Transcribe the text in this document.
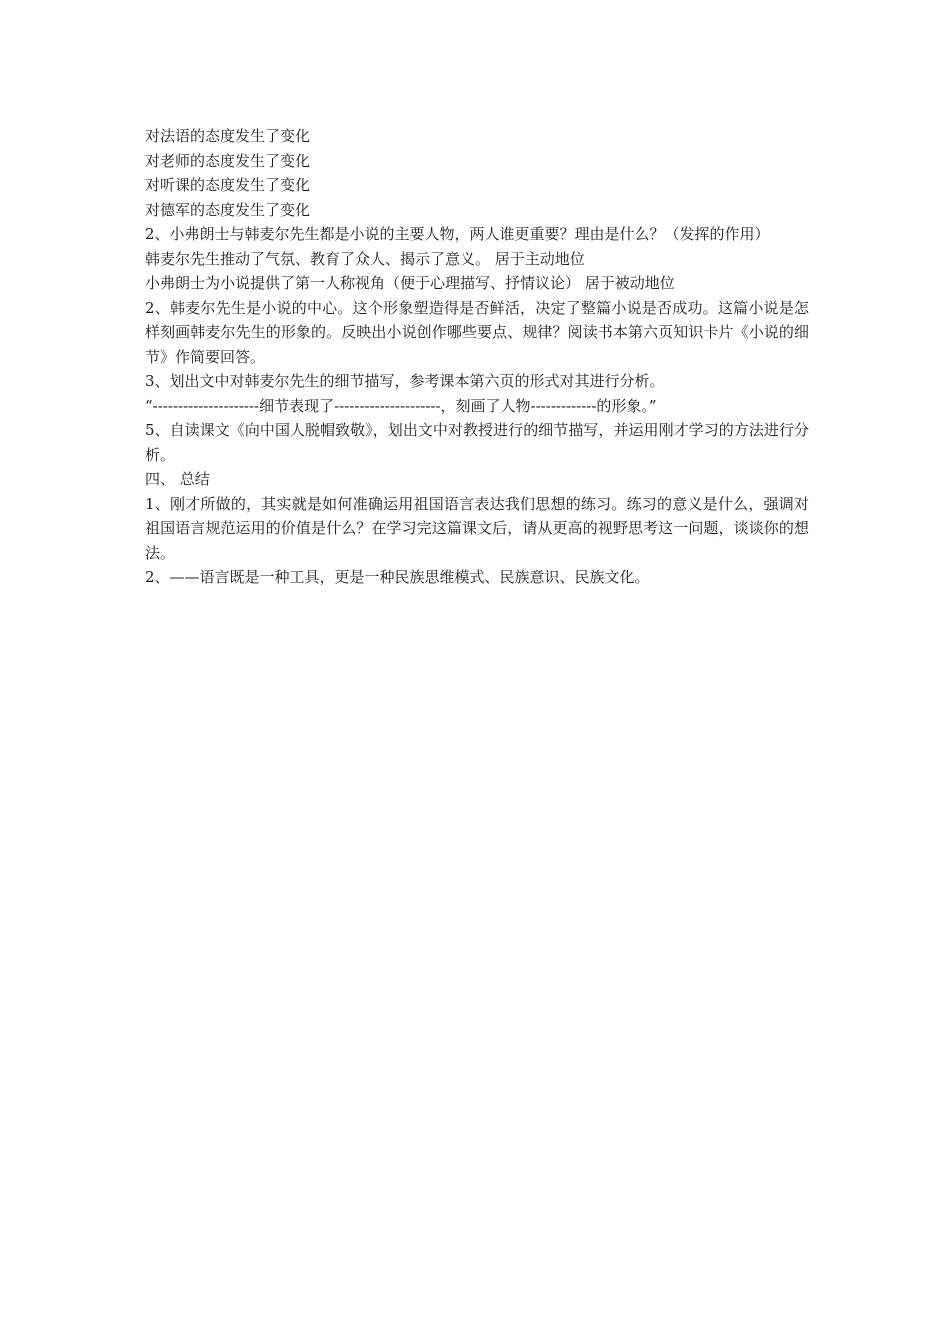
对法语的态度发生了变化
对老师的态度发生了变化
对听课的态度发生了变化
对德军的态度发生了变化
2、小弗朗士与韩麦尔先生都是小说的主要人物，两人谁更重要？理由是什么？（发挥的作用）
韩麦尔先生推动了气氛、教育了众人、揭示了意义。 居于主动地位
小弗朗士为小说提供了第一人称视角（便于心理描写、抒情议论） 居于被动地位
2、韩麦尔先生是小说的中心。这个形象塑造得是否鲜活，决定了整篇小说是否成功。这篇小说是怎样刻画韩麦尔先生的形象的。反映出小说创作哪些要点、规律？阅读书本第六页知识卡片《小说的细节》作简要回答。
3、划出文中对韩麦尔先生的细节描写，参考课本第六页的形式对其进行分析。
“---------------------细节表现了---------------------，刻画了人物-------------的形象。”
5、自读课文《向中国人脱帽致敬》，划出文中对教授进行的细节描写，并运用刚才学习的方法进行分析。
四、 总结
1、刚才所做的，其实就是如何准确运用祖国语言表达我们思想的练习。练习的意义是什么，强调对祖国语言规范运用的价值是什么？在学习完这篇课文后，请从更高的视野思考这一问题，谈谈你的想法。
2、——语言既是一种工具，更是一种民族思维模式、民族意识、民族文化。
